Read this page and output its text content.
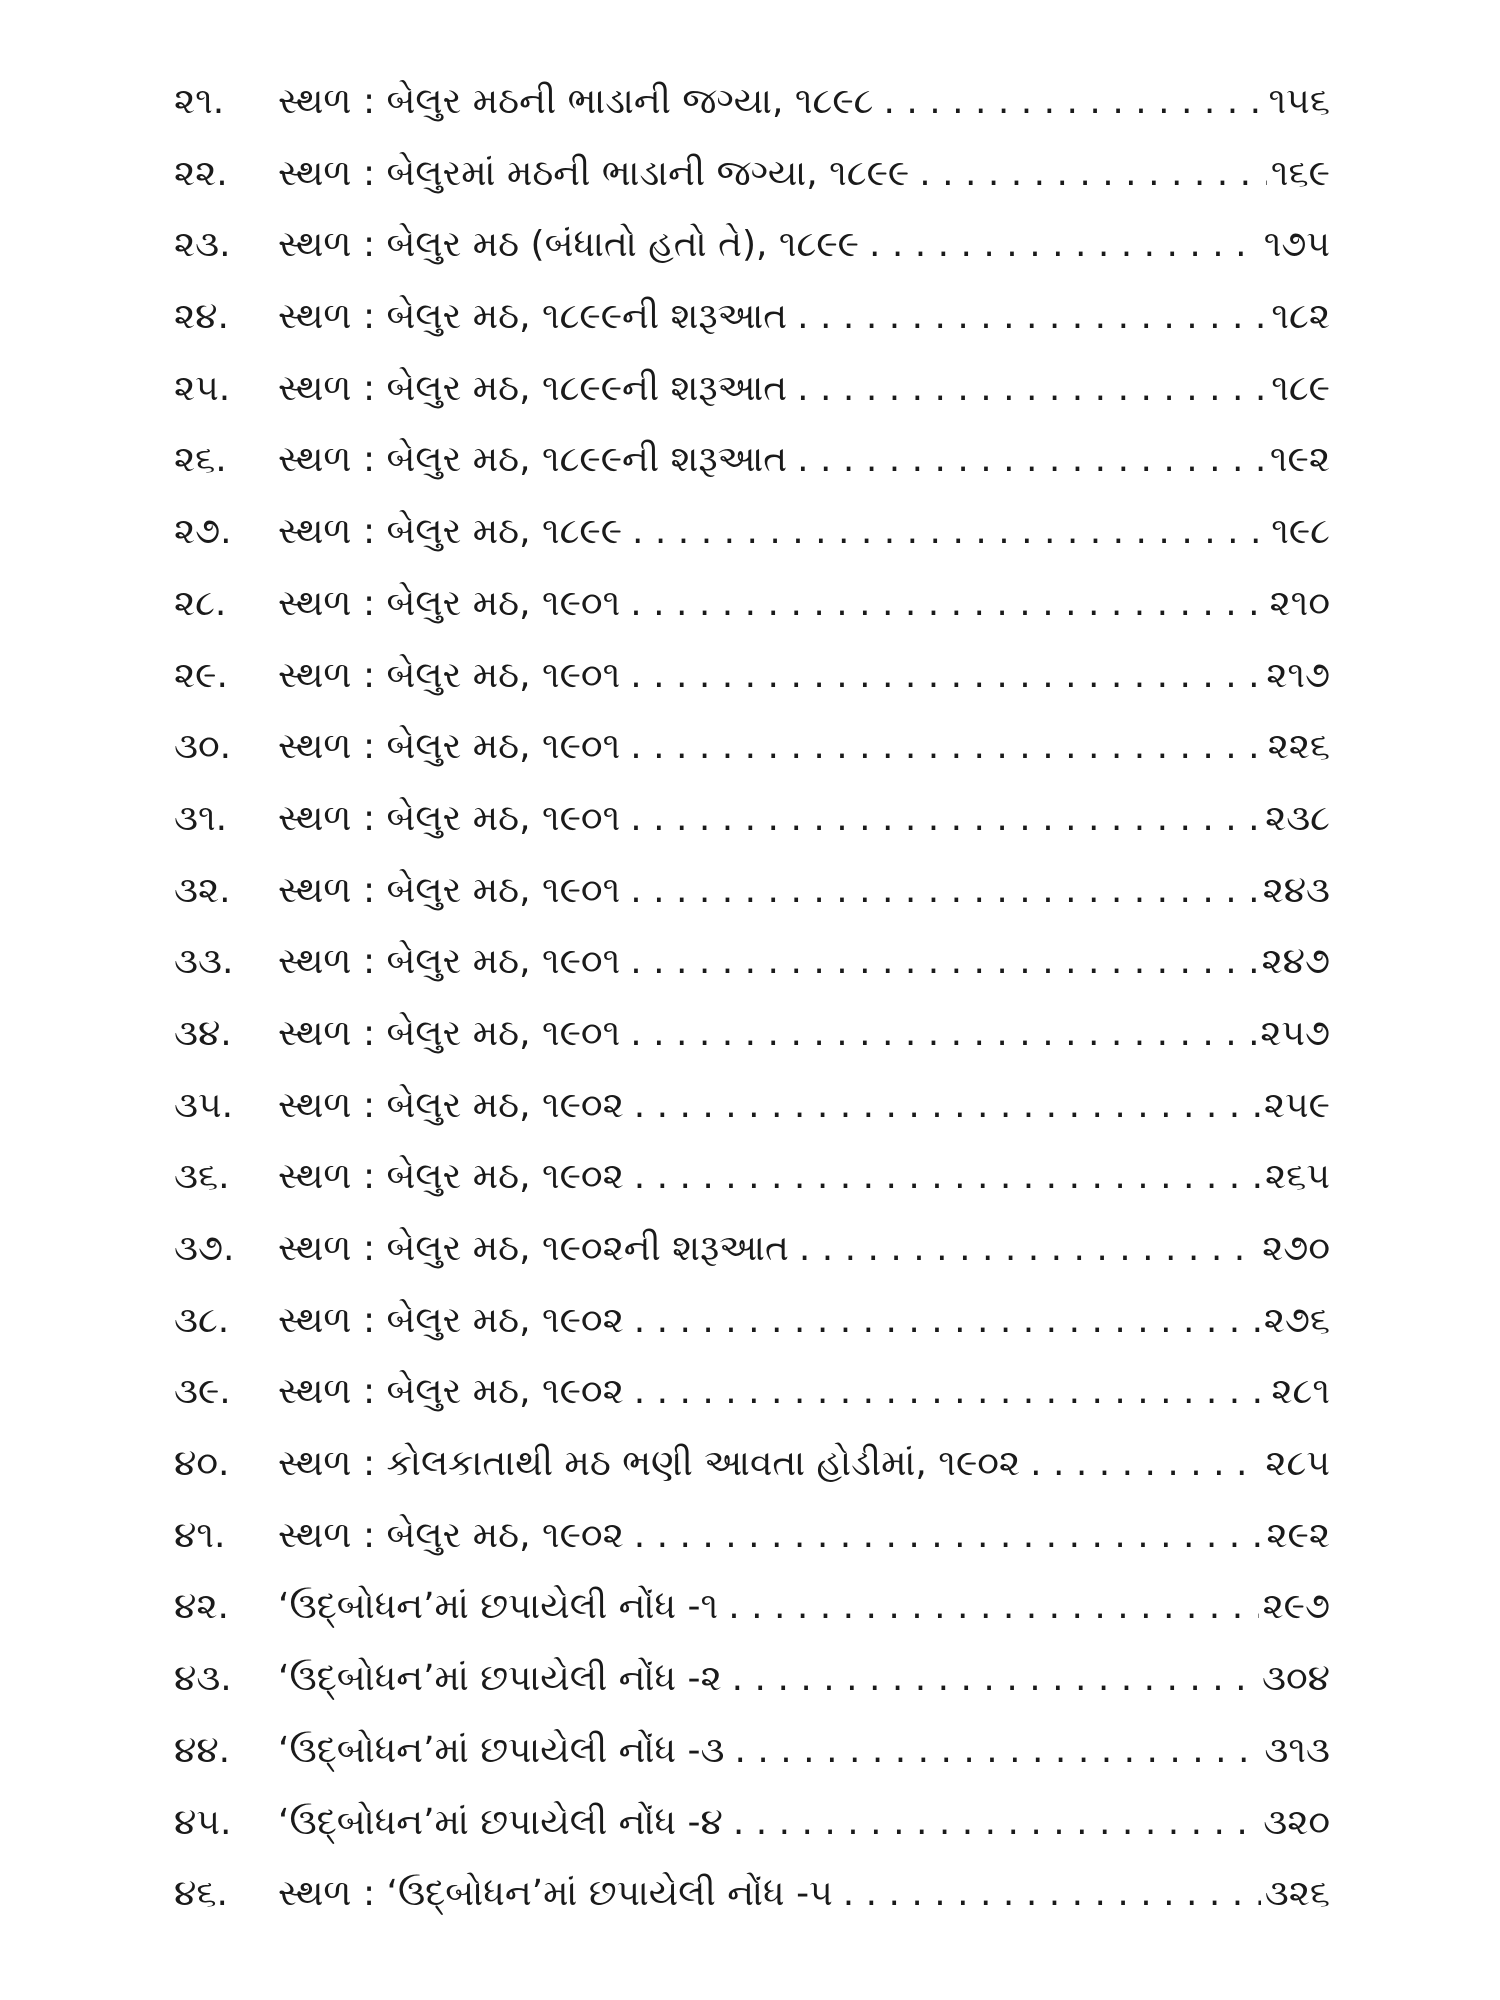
૨૧.	સ્થળ : બેલુર મઠની ભાડાની જગ્યા, ૧૮૯૮ . . .	૧૫૬
૨૨.	સ્થળ : બેલુરમાં મઠની ભાડાની જગ્યા, ૧૮૯૯ . . .	૧૬૯
૨૩.	સ્થળ : બેલુર મઠ (બંધાતો હતો તે), ૧૮૯૯ . . .	૧૭૫
૨૪.	સ્થળ : બેલુર મઠ, ૧૮૯૯ની શરૂઆત . . .	૧૮૨
૨૫.	સ્થળ : બેલુર મઠ, ૧૮૯૯ની શરૂઆત . . .	૧૮૯
૨૬.	સ્થળ : બેલુર મઠ, ૧૮૯૯ની શરૂઆત . . .	૧૯૨
૨૭.	સ્થળ : બેલુર મઠ, ૧૮૯૯ . . .	૧૯૮
૨૮.	સ્થળ : બેલુર મઠ, ૧૯૦૧ . . .	૨૧૦
૨૯.	સ્થળ : બેલુર મઠ, ૧૯૦૧ . . .	૨૧૭
૩૦.	સ્થળ : બેલુર મઠ, ૧૯૦૧ . . .	૨૨૬
૩૧.	સ્થળ : બેલુર મઠ, ૧૯૦૧ . . .	૨૩૮
૩૨.	સ્થળ : બેલુર મઠ, ૧૯૦૧ . . .	૨૪૩
૩૩.	સ્થળ : બેલુર મઠ, ૧૯૦૧ . . .	૨૪૭
૩૪.	સ્થળ : બેલુર મઠ, ૧૯૦૧ . . .	૨૫૭
૩૫.	સ્થળ : બેલુર મઠ, ૧૯૦૨ . . .	૨૫૯
૩૬.	સ્થળ : બેલુર મઠ, ૧૯૦૨ . . .	૨૬૫
૩૭.	સ્થળ : બેલુર મઠ, ૧૯૦૨ની શરૂઆત . . .	૨૭૦
૩૮.	સ્થળ : બેલુર મઠ, ૧૯૦૨ . . .	૨૭૬
૩૯.	સ્થળ : બેલુર મઠ, ૧૯૦૨ . . .	૨૮૧
૪૦.	સ્થળ : કોલકાતાથી મઠ ભણી આવતા હોડીમાં, ૧૯૦૨ . . .	૨૮૫
૪૧.	સ્થળ : બેલુર મઠ, ૧૯૦૨ . . .	૨૯૨
૪૨.	‘ઉદ્‌બોધન’માં છપાયેલી નોંધ -૧ . . .	૨૯૭
૪૩.	‘ઉદ્‌બોધન’માં છપાયેલી નોંધ -૨ . . .	૩૦૪
૪૪.	‘ઉદ્‌બોધન’માં છપાયેલી નોંધ -૩ . . .	૩૧૩
૪૫.	‘ઉદ્‌બોધન’માં છપાયેલી નોંધ -૪ . . .	૩૨૦
૪૬.	સ્થળ : ‘ઉદ્‌બોધન’માં છપાયેલી નોંધ -૫ . . .	૩૨૬
